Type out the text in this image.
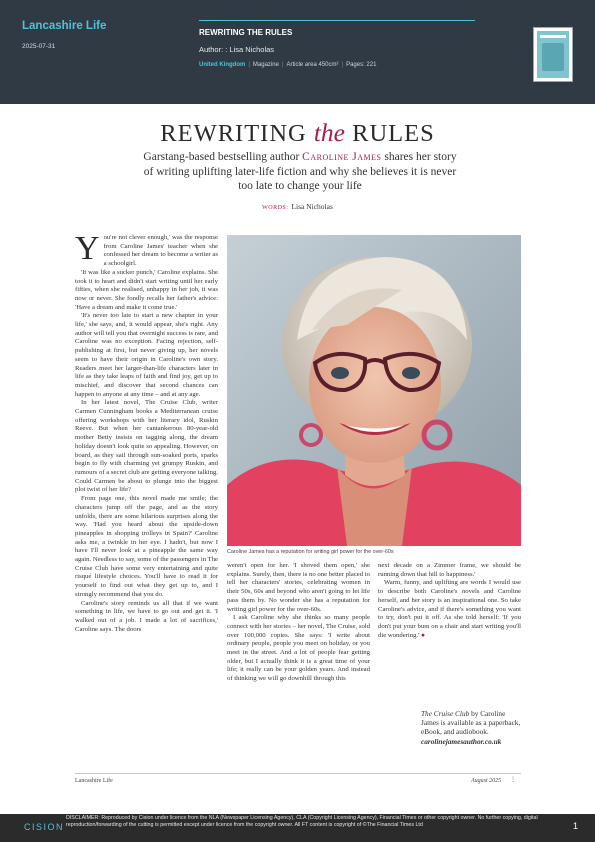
Lancashire Life
2025-07-31
REWRITING THE RULES
Author: : Lisa Nicholas
United Kingdom | Magazine | Article area 450cm² | Pages: 221
REWRITING the RULES
Garstang-based bestselling author Caroline James shares her story of writing uplifting later-life fiction and why she believes it is never too late to change your life
WORDS: Lisa Nicholas

You're not clever enough,' was the response from Caroline James' teacher when she confessed her dream to become a writer as a schoolgirl.

'It was like a sucker punch,' Caroline explains. She took it to heart and didn't start writing until her early fifties, when she realised, unhappy in her job, it was now or never. She fondly recalls her father's advice: 'Have a dream and make it come true.'

'It's never too late to start a new chapter in your life,' she says, and, it would appear, she's right. Any author will tell you that overnight success is rare, and Caroline was no exception. Facing rejection, self-publishing at first, but never giving up, her novels seem to have their origin in Caroline's own story. Readers meet her larger-than-life characters later in life as they take leaps of faith and find joy, get up to mischief, and discover that second chances can happen to anyone at any time – and at any age.

In her latest novel, The Cruise Club, writer Carmen Cunningham books a Mediterranean cruise offering workshops with her literary idol, Ruskin Reeve. But when her cantankerous 80-year-old mother Betty insists on tagging along, the dream holiday doesn't look quite so appealing. However, on board, as they sail through sun-soaked ports, sparks begin to fly with charming yet grumpy Ruskin, and rumours of a secret club are getting everyone talking. Could Carmen be about to plunge into the biggest plot twist of her life?

From page one, this novel made me smile; the characters jump off the page, and as the story unfolds, there are some hilarious surprises along the way. 'Had you heard about the upside-down pineapples in shopping trolleys in Spain?' Caroline asks me, a twinkle in her eye. I hadn't, but now I have I'll never look at a pineapple the same way again. Needless to say, some of the passengers in The Cruise Club have some very entertaining and quite risqué lifestyle choices. You'll have to read it for yourself to find out what they get up to, and I strongly recommend that you do.

Caroline's story reminds us all that if we want something in life, we have to go out and get it. 'I walked out of a job. I made a lot of sacrifices,' Caroline says. The doors

Caroline James has a reputation for writing girl power for the over-60s

weren't open for her. 'I shoved them open,' she explains. Surely, then, there is no one better placed to tell her characters' stories, celebrating women in their 50s, 60s and beyond who aren't going to let life pass them by. No wonder she has a reputation for writing girl power for the over-60s.

I ask Caroline why she thinks so many people connect with her stories – her novel, The Cruise, sold over 100,000 copies. She says: 'I write about ordinary people, people you meet on holiday, or you meet in the street. And a lot of people fear getting older, but I actually think it is a great time of your life; it really can be your golden years. And instead of thinking we will go downhill through this

next decade on a Zimmer frame, we should be running down that hill to happiness.'

Warm, funny, and uplifting are words I would use to describe both Caroline's novels and Caroline herself, and her story is an inspirational one. So take Caroline's advice, and if there's something you want to try, don't put it off. As she told herself: 'If you don't put your bum on a chair and start writing you'll die wondering.' ●

The Cruise Club by Caroline James is available as a paperback, eBook, and audiobook.
carolinejamesauthor.co.uk
Lancashire Life	August 2025 ⋮
CISION
DISCLAIMER: Reproduced by Cision under licence from the NLA (Newspaper Licensing Agency), CLA (Copyright Licensing Agency), Financial Times or other copyright owner. No further copying, digital reproduction/forwarding of the cutting is permitted except under licence from the copyright owner. All FT content is copyright of ©The Financial Times Ltd	1
